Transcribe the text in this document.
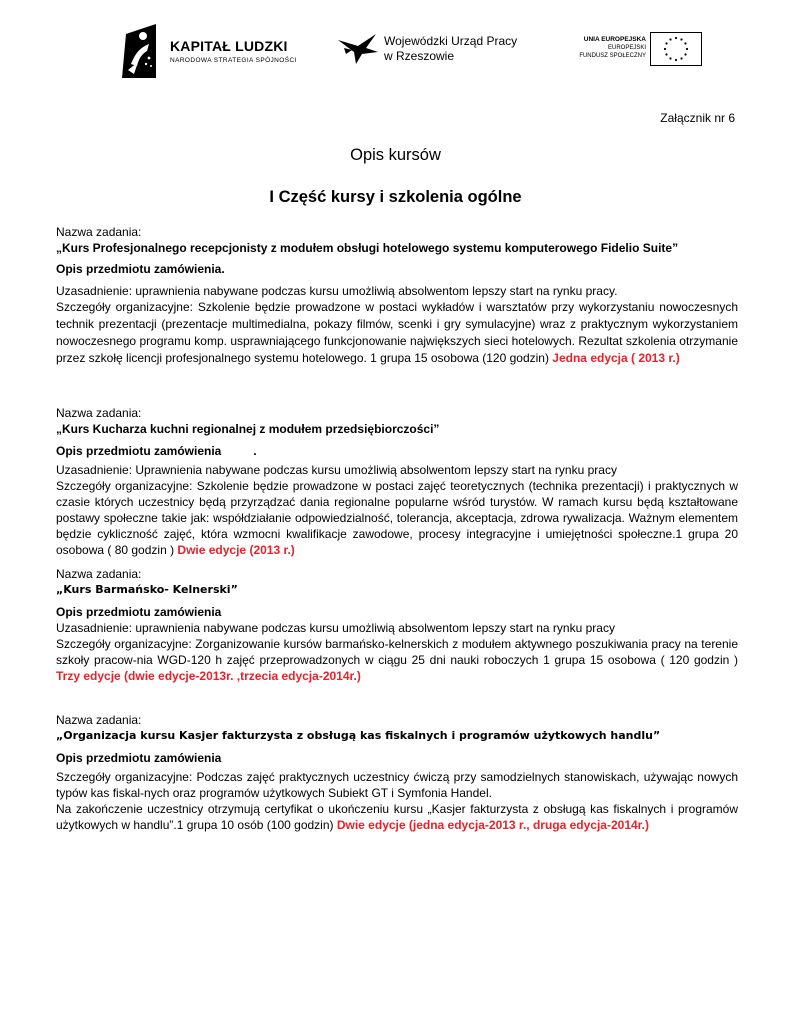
KAPITAŁ LUDZKI
NARODOWA STRATEGIA SPÓJNOŚCI
Wojewódzki Urząd Pracy
w Rzeszowie
UNIA EUROPEJSKA
EUROPEJSKI
FUNDUSZ SPOŁECZNY
Załącznik nr 6
Opis kursów
I Część kursy i szkolenia ogólne

Nazwa zadania:

„Kurs Profesjonalnego recepcjonisty z modułem obsługi hotelowego systemu komputerowego Fidelio Suite”

Opis przedmiotu zamówienia.

Uzasadnienie: uprawnienia nabywane podczas kursu umożliwią absolwentom lepszy start na rynku pracy.

Szczegóły organizacyjne: Szkolenie będzie prowadzone w postaci wykładów i warsztatów przy wykorzystaniu nowoczesnych technik prezentacji (prezentacje multimedialna, pokazy filmów, scenki i gry symulacyjne) wraz z praktycznym wykorzystaniem nowoczesnego programu komp. usprawniającego funkcjonowanie największych sieci hotelowych. Rezultat szkolenia otrzymanie przez szkołę licencji profesjonalnego systemu hotelowego. 1 grupa 15 osobowa (120 godzin) Jedna edycja ( 2013 r.)

Nazwa zadania:

„Kurs Kucharza kuchni regionalnej z modułem przedsiębiorczości”

Opis przedmiotu zamówienia	.

Uzasadnienie: Uprawnienia nabywane podczas kursu umożliwią absolwentom lepszy start na rynku pracy

Szczegóły organizacyjne: Szkolenie będzie prowadzone w postaci zajęć teoretycznych (technika prezentacji) i praktycznych w czasie których uczestnicy będą przyrządzać dania regionalne popularne wśród turystów. W ramach kursu będą kształtowane postawy społeczne takie jak: współdziałanie odpowiedzialność, tolerancja, akceptacja, zdrowa rywalizacja. Ważnym elementem będzie cykliczność zajęć, która wzmocni kwalifikacje zawodowe, procesy integracyjne i umiejętności społeczne.1 grupa 20 osobowa ( 80 godzin ) Dwie edycje (2013 r.)

Nazwa zadania:

„Kurs Barmańsko- Kelnerski”

Opis przedmiotu zamówienia

Uzasadnienie: uprawnienia nabywane podczas kursu umożliwią absolwentom lepszy start na rynku pracy

Szczegóły organizacyjne: Zorganizowanie kursów barmańsko-kelnerskich z modułem aktywnego poszukiwania pracy na terenie szkoły pracow-nia WGD-120 h zajęć przeprowadzonych w ciągu 25 dni nauki roboczych 1 grupa 15 osobowa ( 120 godzin ) Trzy edycje (dwie edycje-2013r. ,trzecia edycja-2014r.)

Nazwa zadania:

„Organizacja kursu Kasjer fakturzysta z obsługą kas fiskalnych i programów użytkowych handlu”

Opis przedmiotu zamówienia

Szczegóły organizacyjne: Podczas zajęć praktycznych uczestnicy ćwiczą przy samodzielnych stanowiskach, używając nowych typów kas fiskal-nych oraz programów użytkowych Subiekt GT i Symfonia Handel.

Na zakończenie uczestnicy otrzymują certyfikat o ukończeniu kursu „Kasjer fakturzysta z obsługą kas fiskalnych i programów użytkowych w handlu”.1 grupa 10 osób (100 godzin) Dwie edycje (jedna edycja-2013 r., druga edycja-2014r.)
